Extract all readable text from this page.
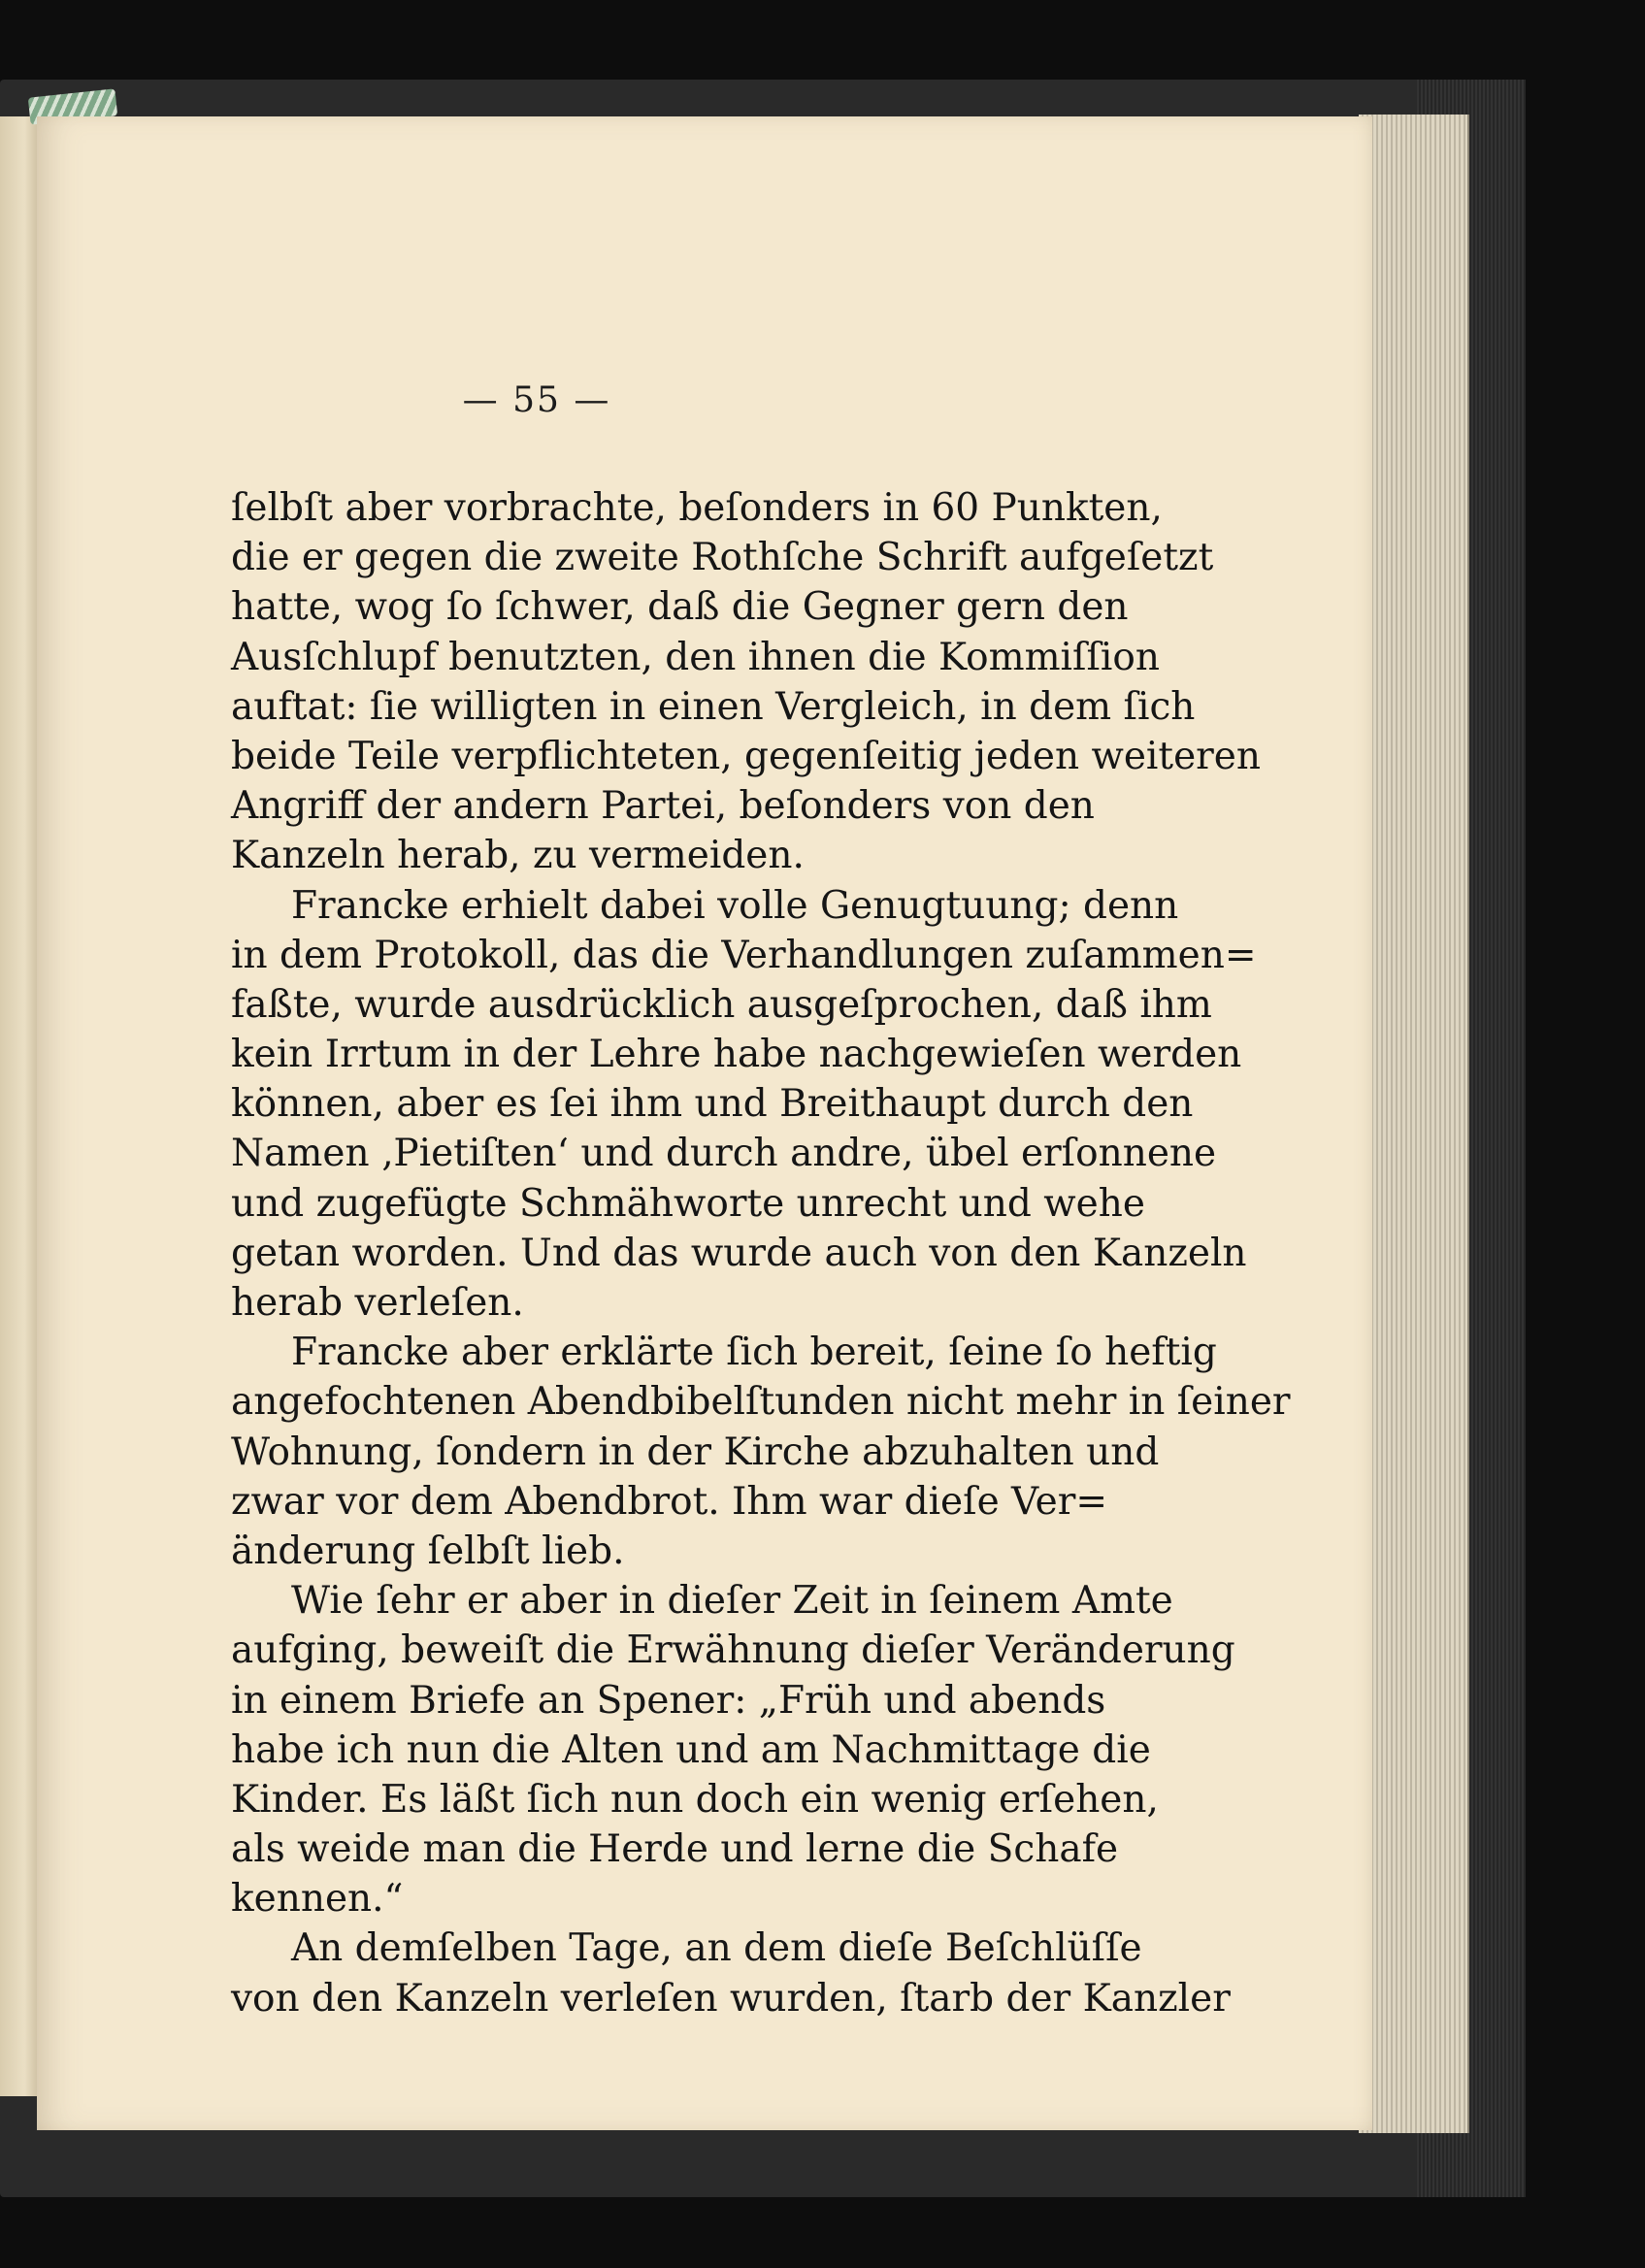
— 55 —
ſelbſt aber vorbrachte, beſonders in 60 Punkten,
die er gegen die zweite Rothſche Schrift aufgeſetzt
hatte, wog ſo ſchwer, daß die Gegner gern den
Ausſchlupf benutzten, den ihnen die Kommiſſion
auftat: ſie willigten in einen Vergleich, in dem ſich
beide Teile verpflichteten, gegenſeitig jeden weiteren
Angriff der andern Partei, beſonders von den
Kanzeln herab, zu vermeiden.
Francke erhielt dabei volle Genugtuung; denn
in dem Protokoll, das die Verhandlungen zuſammen=
faßte, wurde ausdrücklich ausgeſprochen, daß ihm
kein Irrtum in der Lehre habe nachgewieſen werden
können, aber es ſei ihm und Breithaupt durch den
Namen ‚Pietiſten‘ und durch andre, übel erſonnene
und zugefügte Schmähworte unrecht und wehe
getan worden. Und das wurde auch von den Kanzeln
herab verleſen.
Francke aber erklärte ſich bereit, ſeine ſo heftig
angefochtenen Abendbibelſtunden nicht mehr in ſeiner
Wohnung, ſondern in der Kirche abzuhalten und
zwar vor dem Abendbrot. Ihm war dieſe Ver=
änderung ſelbſt lieb.
Wie ſehr er aber in dieſer Zeit in ſeinem Amte
aufging, beweiſt die Erwähnung dieſer Veränderung
in einem Briefe an Spener: „Früh und abends
habe ich nun die Alten und am Nachmittage die
Kinder. Es läßt ſich nun doch ein wenig erſehen,
als weide man die Herde und lerne die Schafe
kennen.“
An demſelben Tage, an dem dieſe Beſchlüſſe
von den Kanzeln verleſen wurden, ſtarb der Kanzler
